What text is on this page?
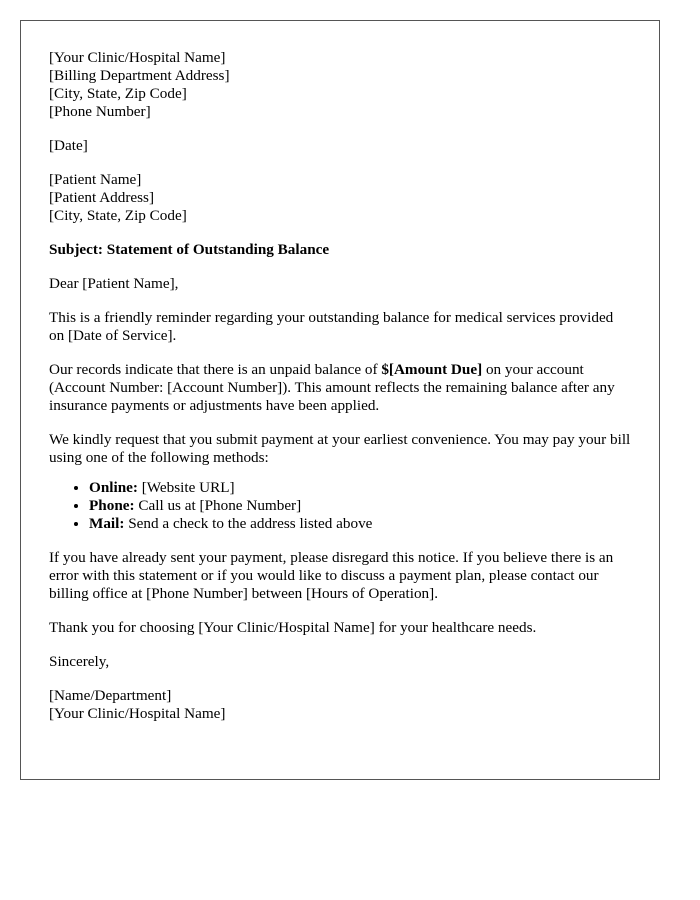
[Your Clinic/Hospital Name]
[Billing Department Address]
[City, State, Zip Code]
[Phone Number]
[Date]
[Patient Name]
[Patient Address]
[City, State, Zip Code]

Subject: Statement of Outstanding Balance

Dear [Patient Name],

This is a friendly reminder regarding your outstanding balance for medical services provided on [Date of Service].

Our records indicate that there is an unpaid balance of $[Amount Due] on your account (Account Number: [Account Number]). This amount reflects the remaining balance after any insurance payments or adjustments have been applied.

We kindly request that you submit payment at your earliest convenience. You may pay your bill using one of the following methods:

• Online: [Website URL]
• Phone: Call us at [Phone Number]
• Mail: Send a check to the address listed above

If you have already sent your payment, please disregard this notice. If you believe there is an error with this statement or if you would like to discuss a payment plan, please contact our billing office at [Phone Number] between [Hours of Operation].

Thank you for choosing [Your Clinic/Hospital Name] for your healthcare needs.

Sincerely,

[Name/Department]
[Your Clinic/Hospital Name]
